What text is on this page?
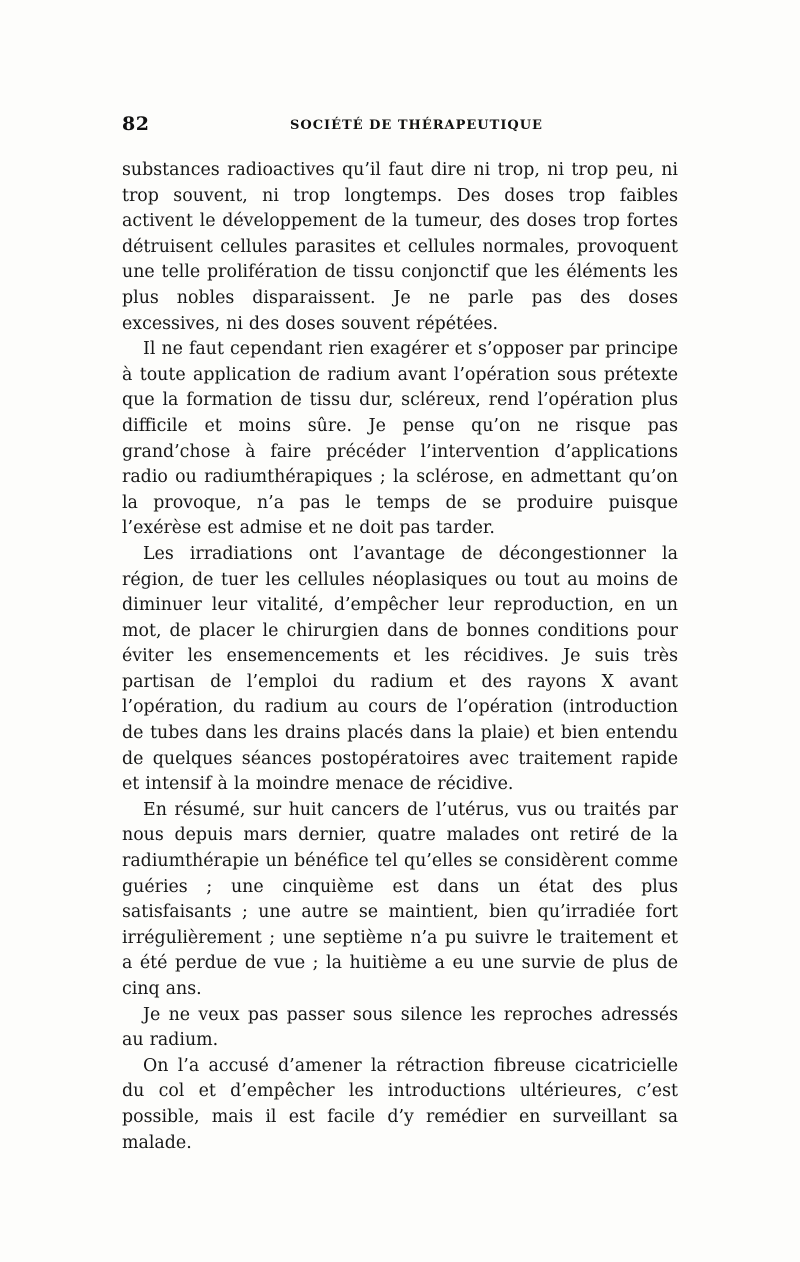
82	SOCIÉTÉ DE THÉRAPEUTIQUE

substances radioactives qu’il faut dire ni trop, ni trop peu, ni trop souvent, ni trop longtemps. Des doses trop faibles activent le développement de la tumeur, des doses trop fortes détruisent cellules parasites et cellules normales, provoquent une telle prolifération de tissu conjonctif que les éléments les plus nobles disparaissent. Je ne parle pas des doses excessives, ni des doses souvent répétées.

Il ne faut cependant rien exagérer et s’opposer par principe à toute application de radium avant l’opération sous prétexte que la formation de tissu dur, scléreux, rend l’opération plus difficile et moins sûre. Je pense qu’on ne risque pas grand’chose à faire précéder l’intervention d’applications radio ou radiumthérapiques ; la sclérose, en admettant qu’on la provoque, n’a pas le temps de se produire puisque l’exérèse est admise et ne doit pas tarder.

Les irradiations ont l’avantage de décongestionner la région, de tuer les cellules néoplasiques ou tout au moins de diminuer leur vitalité, d’empêcher leur reproduction, en un mot, de placer le chirurgien dans de bonnes conditions pour éviter les ensemencements et les récidives. Je suis très partisan de l’emploi du radium et des rayons X avant l’opération, du radium au cours de l’opération (introduction de tubes dans les drains placés dans la plaie) et bien entendu de quelques séances postopératoires avec traitement rapide et intensif à la moindre menace de récidive.

En résumé, sur huit cancers de l’utérus, vus ou traités par nous depuis mars dernier, quatre malades ont retiré de la radiumthérapie un bénéfice tel qu’elles se considèrent comme guéries ; une cinquième est dans un état des plus satisfaisants ; une autre se maintient, bien qu’irradiée fort irrégulièrement ; une septième n’a pu suivre le traitement et a été perdue de vue ; la huitième a eu une survie de plus de cinq ans.

Je ne veux pas passer sous silence les reproches adressés au radium.

On l’a accusé d’amener la rétraction fibreuse cicatricielle du col et d’empêcher les introductions ultérieures, c’est possible, mais il est facile d’y remédier en surveillant sa malade.
